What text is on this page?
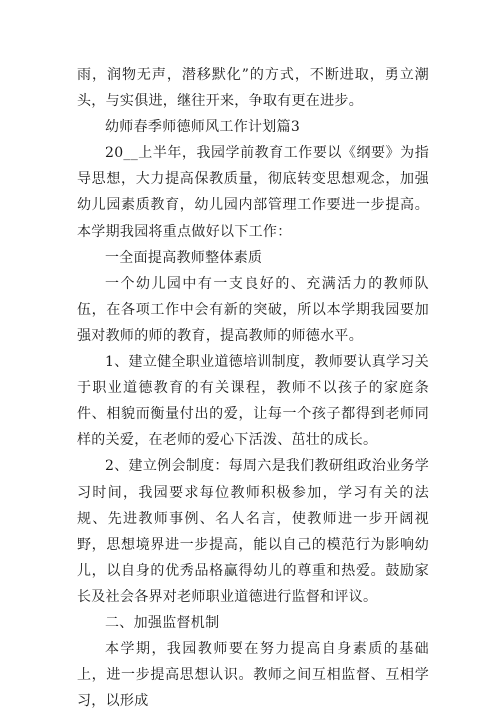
雨，润物无声，潜移默化”的方式，不断进取，勇立潮头，与实俱进，继往开来，争取有更在进步。

幼师春季师德师风工作计划篇3

20__上半年，我园学前教育工作要以《纲要》为指导思想，大力提高保教质量，彻底转变思想观念，加强幼儿园素质教育，幼儿园内部管理工作要进一步提高。本学期我园将重点做好以下工作：

一全面提高教师整体素质

一个幼儿园中有一支良好的、充满活力的教师队伍，在各项工作中会有新的突破，所以本学期我园要加强对教师的师的教育，提高教师的师德水平。

1、建立健全职业道德培训制度，教师要认真学习关于职业道德教育的有关课程，教师不以孩子的家庭条件、相貌而衡量付出的爱，让每一个孩子都得到老师同样的关爱，在老师的爱心下活泼、茁壮的成长。

2、建立例会制度：每周六是我们教研组政治业务学习时间，我园要求每位教师积极参加，学习有关的法规、先进教师事例、名人名言，使教师进一步开阔视野，思想境界进一步提高，能以自己的模范行为影响幼儿，以自身的优秀品格赢得幼儿的尊重和热爱。鼓励家长及社会各界对老师职业道德进行监督和评议。

二、加强监督机制

本学期，我园教师要在努力提高自身素质的基础上，进一步提高思想认识。教师之间互相监督、互相学习，以形成
